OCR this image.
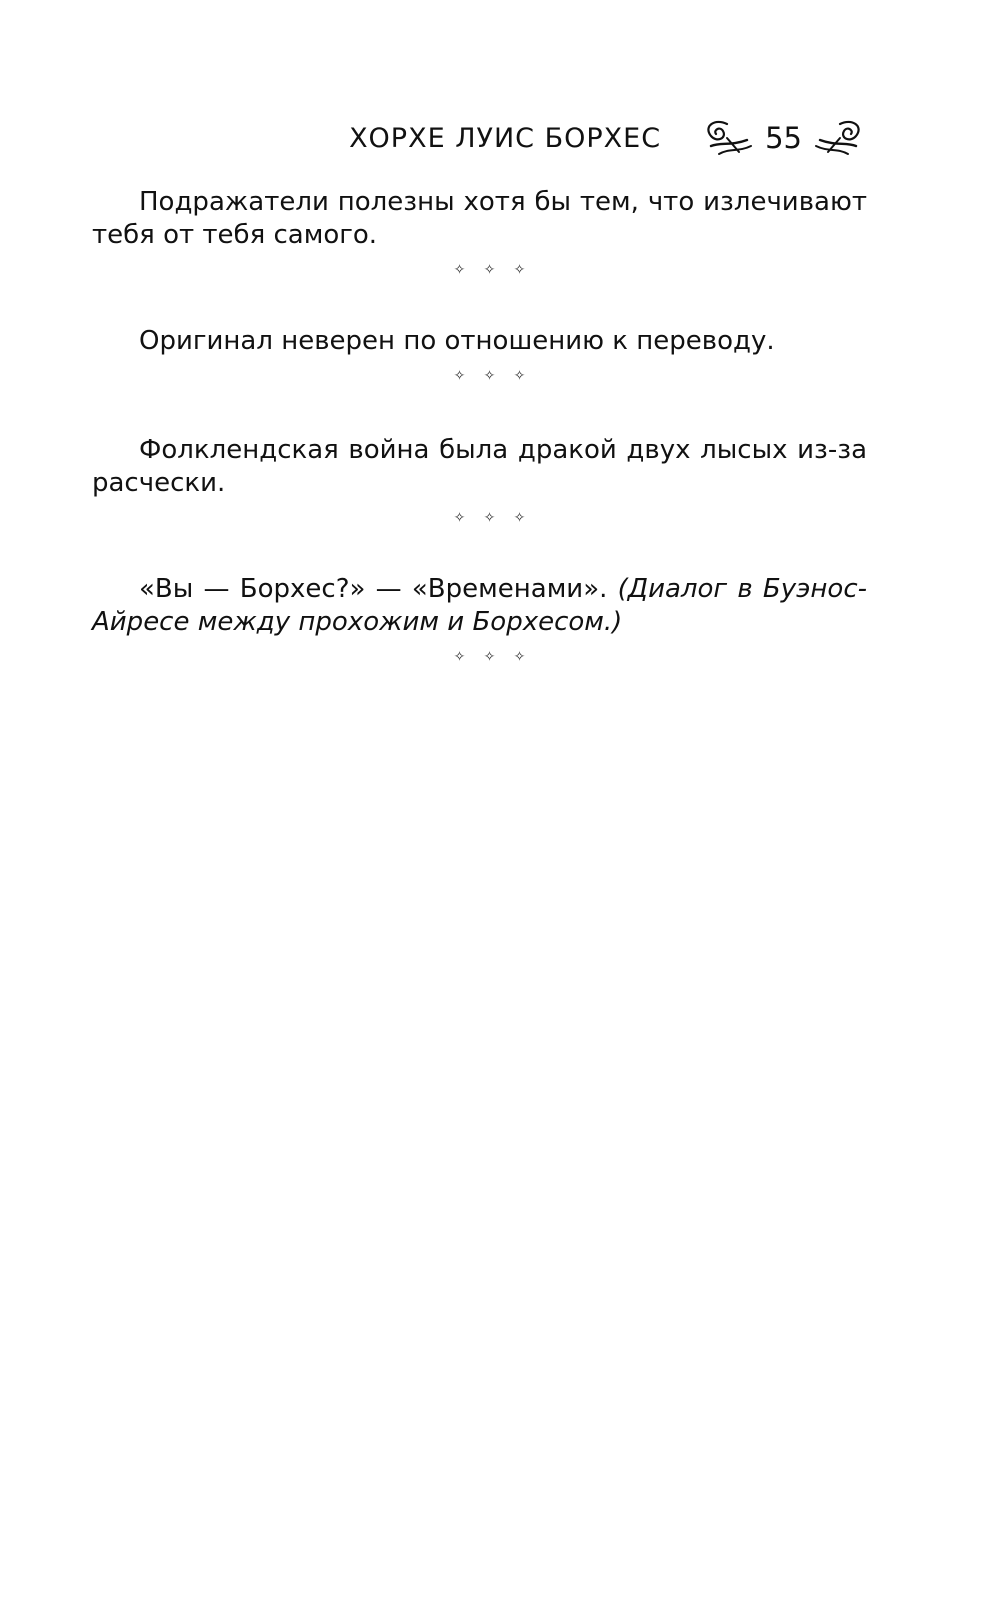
ХОРХЕ ЛУИС БОРХЕС	55

Подражатели полезны хотя бы тем, что излечивают тебя от тебя самого.

✧ ✧ ✧

Оригинал неверен по отношению к переводу.

✧ ✧ ✧

Фолклендская война была дракой двух лысых из-за расчески.

✧ ✧ ✧

«Вы — Борхес?» — «Временами». (Диалог в Буэнос-Айресе между прохожим и Борхесом.)

✧ ✧ ✧
